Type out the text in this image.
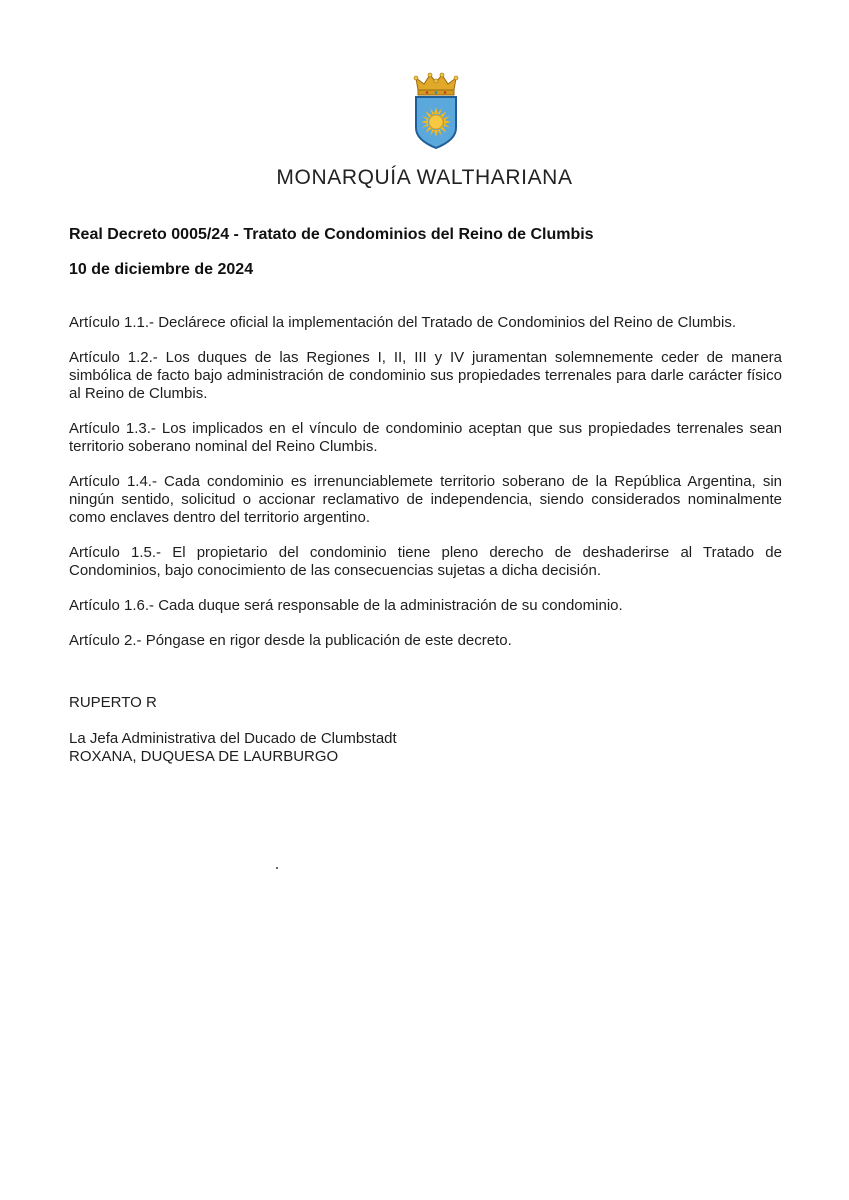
MONARQUÍA WALTHARIANA
Real Decreto 0005/24 - Tratato de Condominios del Reino de Clumbis
10 de diciembre de 2024

Artículo 1.1.- Declárece oficial la implementación del Tratado de Condominios del Reino de Clumbis.

Artículo 1.2.- Los duques de las Regiones I, II, III y IV juramentan solemnemente ceder de manera simbólica de facto bajo administración de condominio sus propiedades terrenales para darle carácter físico al Reino de Clumbis.

Artículo 1.3.- Los implicados en el vínculo de condominio aceptan que sus propiedades terrenales sean territorio soberano nominal del Reino Clumbis.

Artículo 1.4.- Cada condominio es irrenunciablemete territorio soberano de la República Argentina, sin ningún sentido, solicitud o accionar reclamativo de independencia, siendo considerados nominalmente como enclaves dentro del territorio argentino.

Artículo 1.5.- El propietario del condominio tiene pleno derecho de deshaderirse al Tratado de Condominios, bajo conocimiento de las consecuencias sujetas a dicha decisión.

Artículo 1.6.- Cada duque será responsable de la administración de su condominio.

Artículo 2.- Póngase en rigor desde la publicación de este decreto.

RUPERTO R
La Jefa Administrativa del Ducado de Clumbstadt
ROXANA, DUQUESA DE LAURBURGO
